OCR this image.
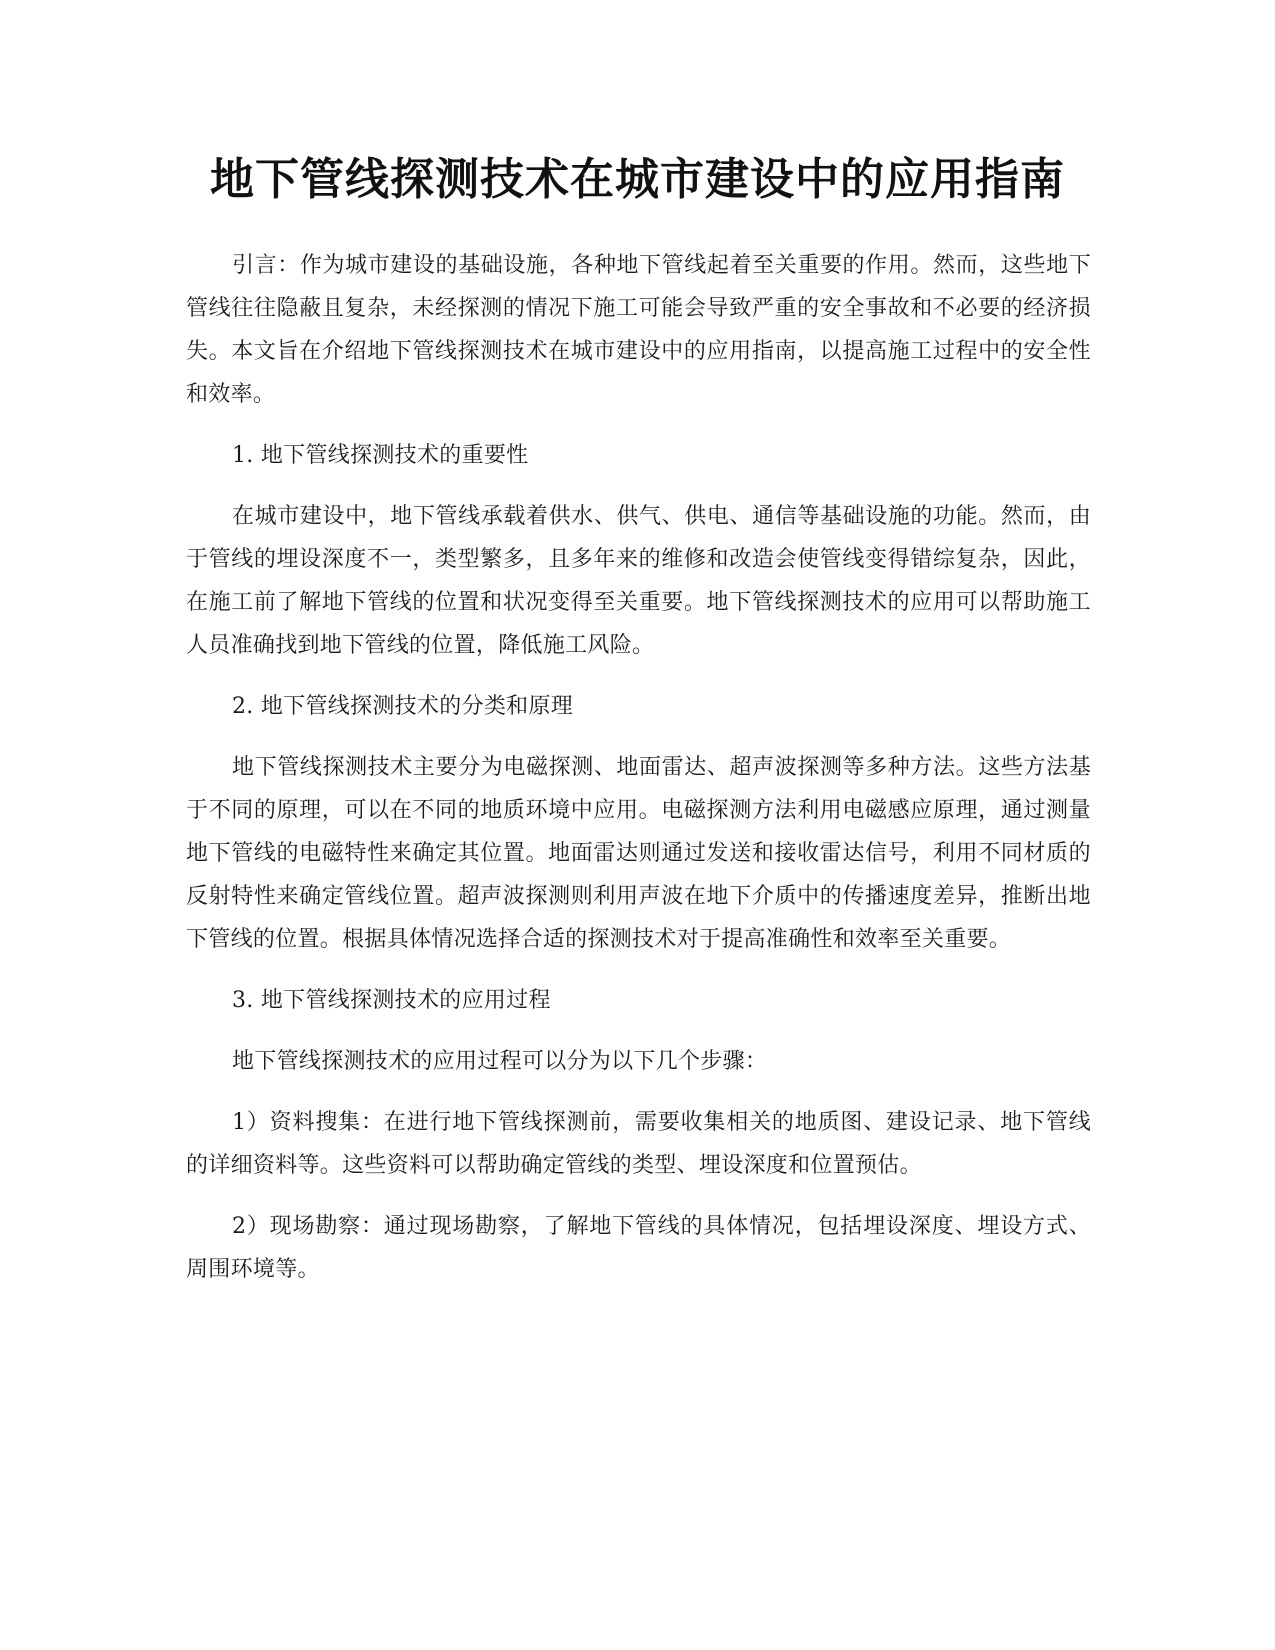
地下管线探测技术在城市建设中的应用指南

引言：作为城市建设的基础设施，各种地下管线起着至关重要的作用。然而，这些地下管线往往隐蔽且复杂，未经探测的情况下施工可能会导致严重的安全事故和不必要的经济损失。本文旨在介绍地下管线探测技术在城市建设中的应用指南，以提高施工过程中的安全性和效率。

1. 地下管线探测技术的重要性

在城市建设中，地下管线承载着供水、供气、供电、通信等基础设施的功能。然而，由于管线的埋设深度不一，类型繁多，且多年来的维修和改造会使管线变得错综复杂，因此，在施工前了解地下管线的位置和状况变得至关重要。地下管线探测技术的应用可以帮助施工人员准确找到地下管线的位置，降低施工风险。

2. 地下管线探测技术的分类和原理

地下管线探测技术主要分为电磁探测、地面雷达、超声波探测等多种方法。这些方法基于不同的原理，可以在不同的地质环境中应用。电磁探测方法利用电磁感应原理，通过测量地下管线的电磁特性来确定其位置。地面雷达则通过发送和接收雷达信号，利用不同材质的反射特性来确定管线位置。超声波探测则利用声波在地下介质中的传播速度差异，推断出地下管线的位置。根据具体情况选择合适的探测技术对于提高准确性和效率至关重要。

3. 地下管线探测技术的应用过程

地下管线探测技术的应用过程可以分为以下几个步骤：

1）资料搜集：在进行地下管线探测前，需要收集相关的地质图、建设记录、地下管线的详细资料等。这些资料可以帮助确定管线的类型、埋设深度和位置预估。

2）现场勘察：通过现场勘察，了解地下管线的具体情况，包括埋设深度、埋设方式、周围环境等。
